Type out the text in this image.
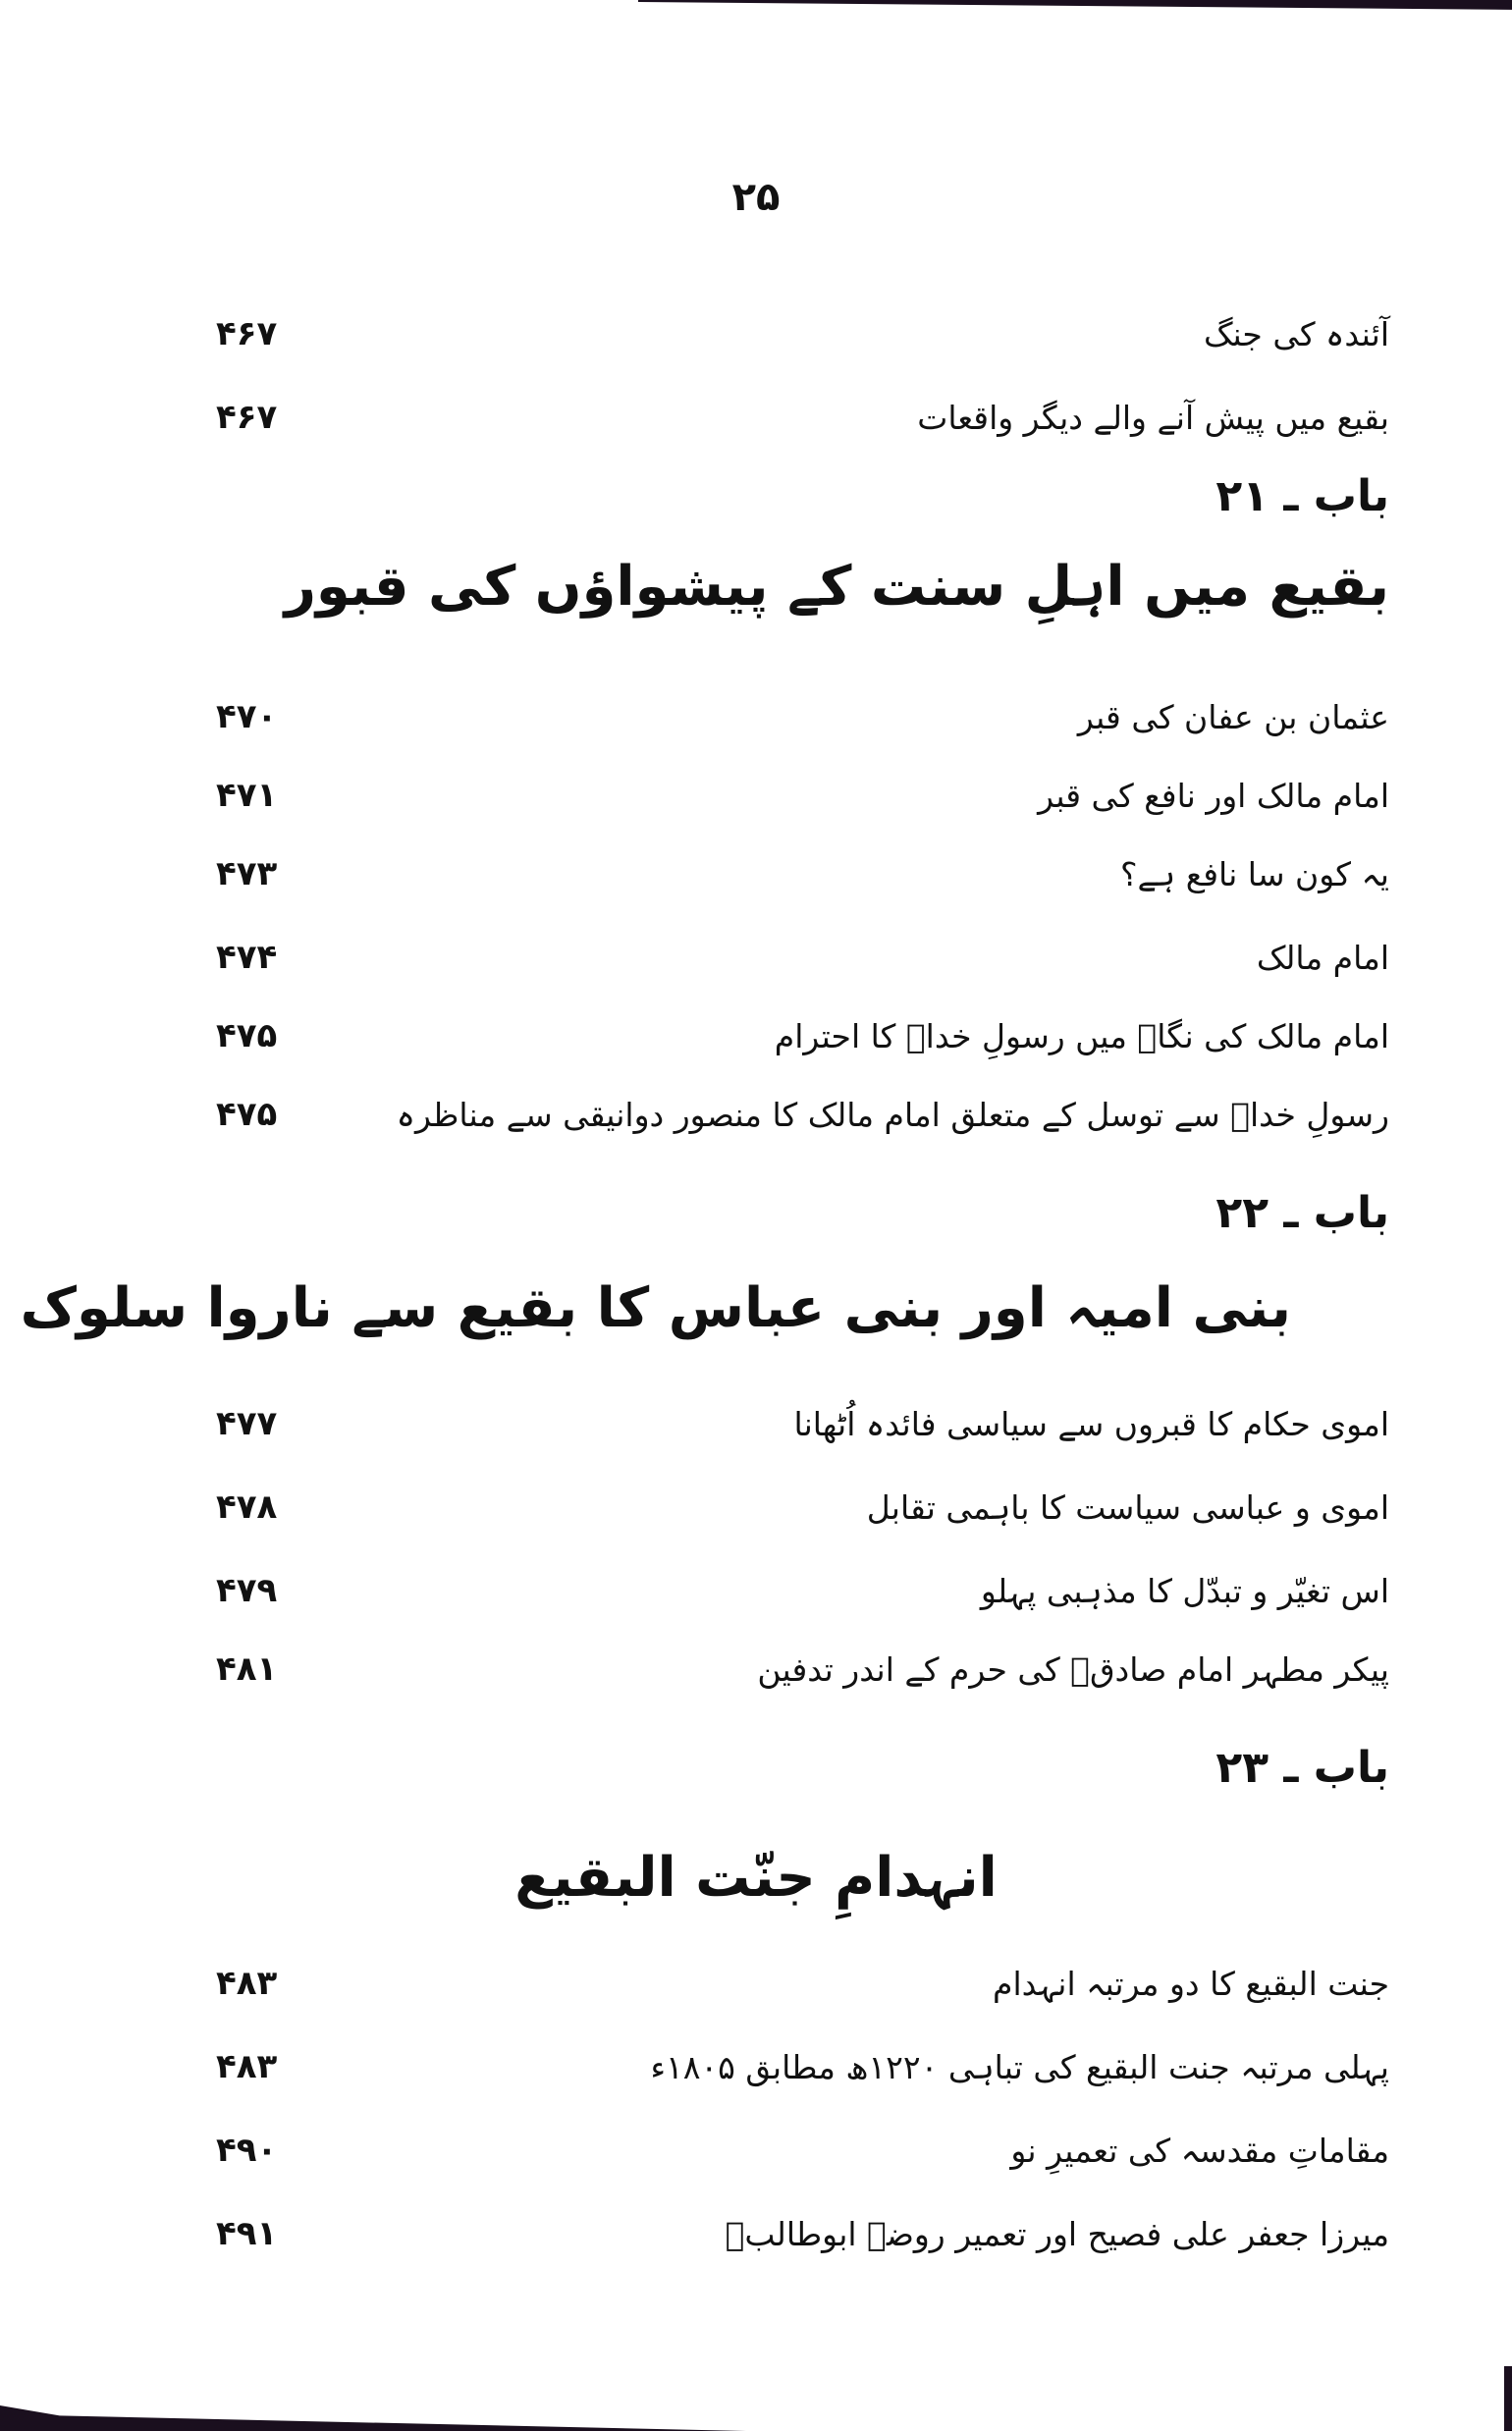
۲۵
آئندہ کی جنگ
۴۶۷
بقیع میں پیش آنے والے دیگر واقعات
۴۶۷
باب ـ ۲۱
بقیع میں اہلِ سنت کے پیشواؤں کی قبور
عثمان بن عفان کی قبر
۴۷۰
امام مالک اور نافع کی قبر
۴۷۱
یہ کون سا نافع ہے؟
۴۷۳
امام مالک
۴۷۴
امام مالک کی نگاہ میں رسولِ خداؐ کا احترام
۴۷۵
رسولِ خداؐ سے توسل کے متعلق امام مالک کا منصور دوانیقی سے مناظرہ
۴۷۵
باب ـ ۲۲
بنی امیہ اور بنی عباس کا بقیع سے ناروا سلوک
اموی حکام کا قبروں سے سیاسی فائدہ اُٹھانا
۴۷۷
اموی و عباسی سیاست کا باہمی تقابل
۴۷۸
اس تغیّر و تبدّل کا مذہبی پہلو
۴۷۹
پیکر مطہر امام صادقؑ کی حرم کے اندر تدفین
۴۸۱
باب ـ ۲۳
انہدامِ جنّت البقیع
جنت البقیع کا دو مرتبہ انہدام
۴۸۳
پہلی مرتبہ جنت البقیع کی تباہی ۱۲۲۰ھ مطابق ۱۸۰۵ء
۴۸۳
مقاماتِ مقدسہ کی تعمیرِ نو
۴۹۰
میرزا جعفر علی فصیح اور تعمیر روضۂ ابوطالبؑ
۴۹۱
